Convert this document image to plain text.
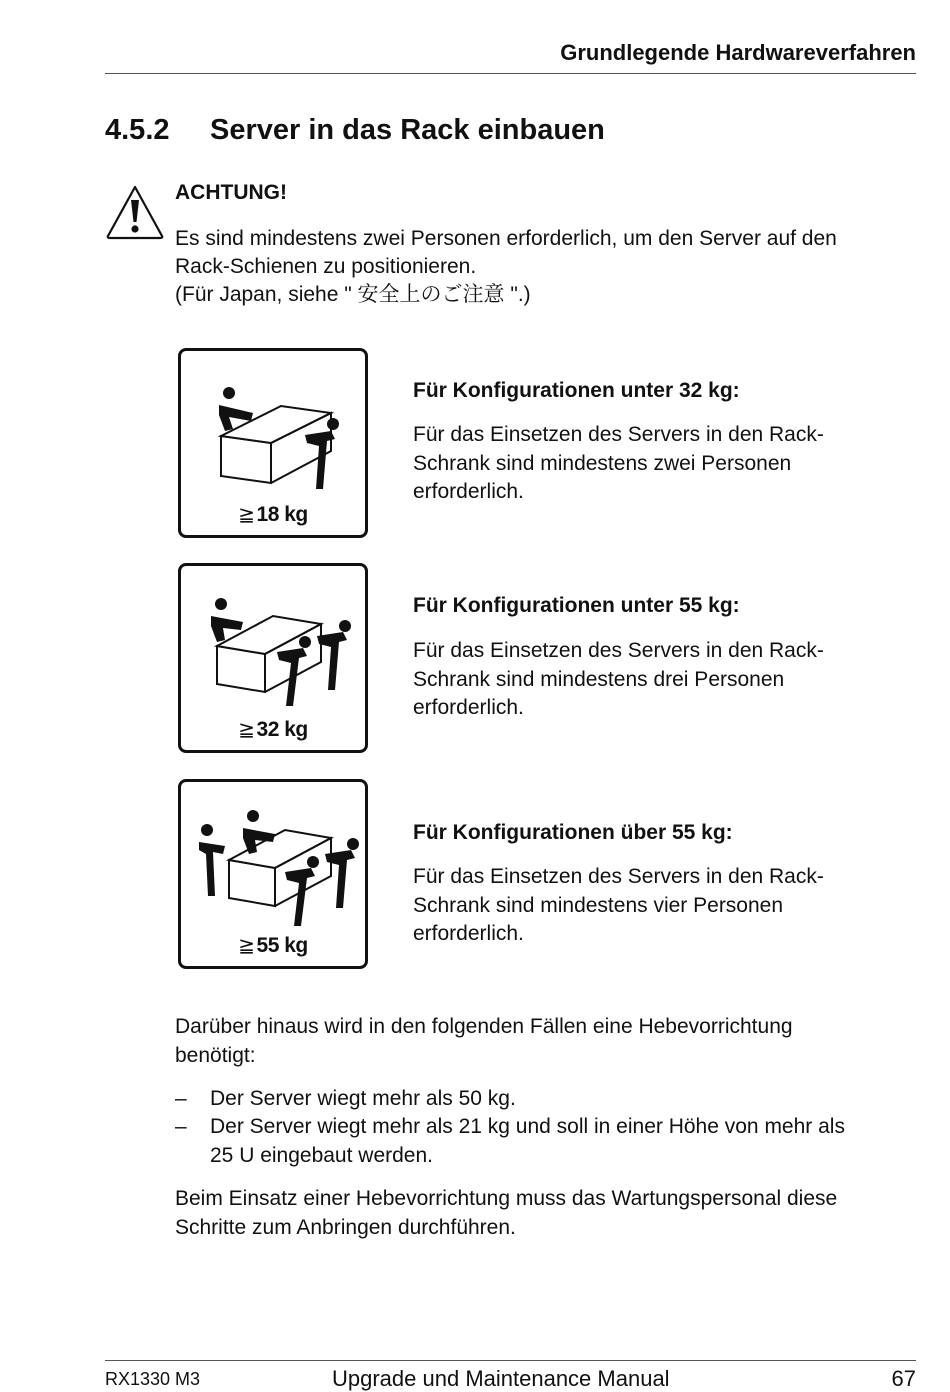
Grundlegende Hardwareverfahren
4.5.2 Server in das Rack einbauen
ACHTUNG!
Es sind mindestens zwei Personen erforderlich, um den Server auf den
Rack-Schienen zu positionieren.
(Für Japan, siehe " 安全上のご注意 ".)
≧18 kg
Für Konfigurationen unter 32 kg:
Für das Einsetzen des Servers in den Rack-
Schrank sind mindestens zwei Personen
erforderlich.
≧32 kg
Für Konfigurationen unter 55 kg:
Für das Einsetzen des Servers in den Rack-
Schrank sind mindestens drei Personen
erforderlich.
≧55 kg
Für Konfigurationen über 55 kg:
Für das Einsetzen des Servers in den Rack-
Schrank sind mindestens vier Personen
erforderlich.
Darüber hinaus wird in den folgenden Fällen eine Hebevorrichtung
benötigt:
– Der Server wiegt mehr als 50 kg.
– Der Server wiegt mehr als 21 kg und soll in einer Höhe von mehr als
25 U eingebaut werden.
Beim Einsatz einer Hebevorrichtung muss das Wartungspersonal diese
Schritte zum Anbringen durchführen.
RX1330 M3	Upgrade und Maintenance Manual	67
